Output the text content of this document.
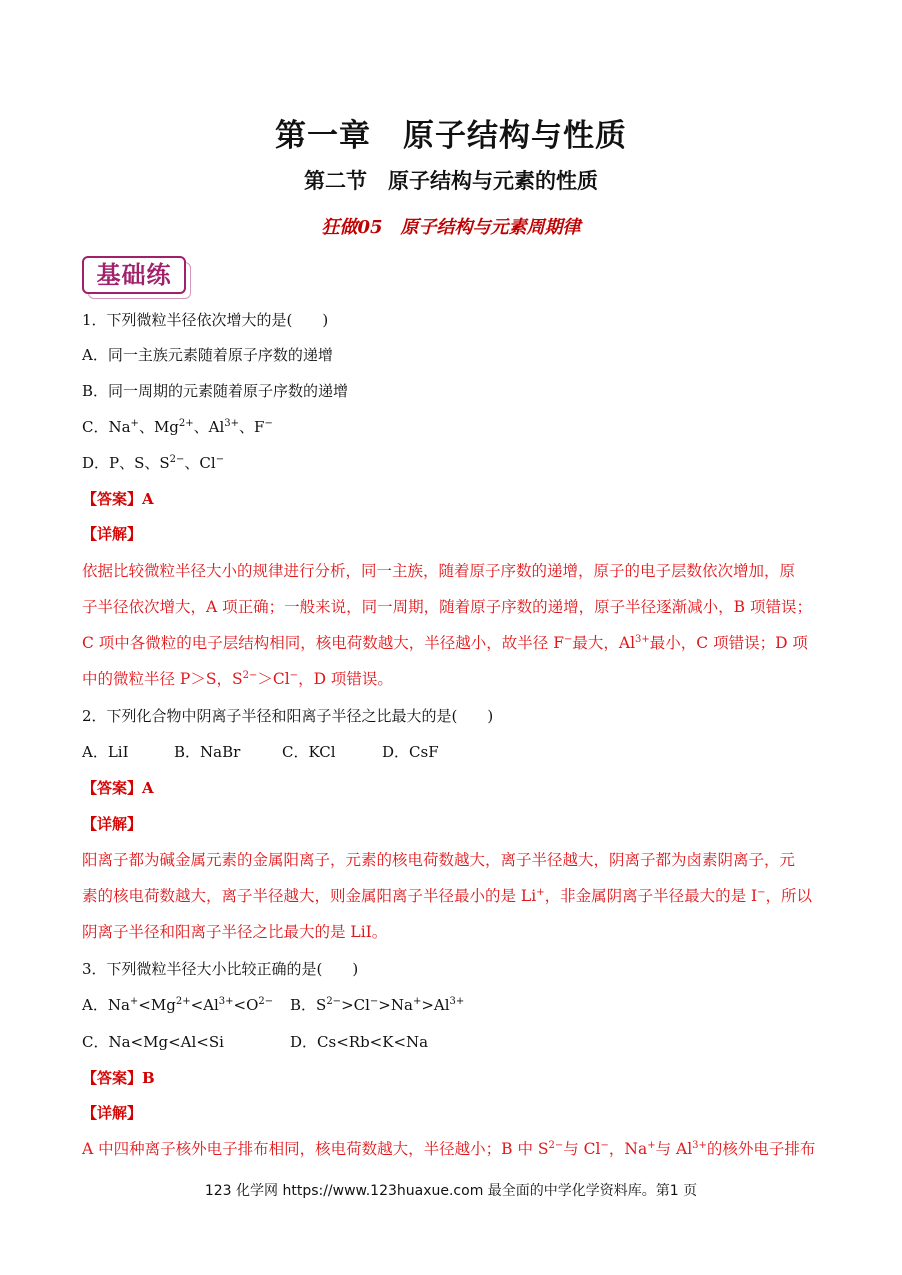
第一章　原子结构与性质
第二节　原子结构与元素的性质
狂做05　原子结构与元素周期律
基础练
1．下列微粒半径依次增大的是(　　)
A．同一主族元素随着原子序数的递增
B．同一周期的元素随着原子序数的递增
C．Na+、$Mg^{2+}$、$Al^{3+}$、F−
D．P、S、$S^{2-}$、Cl−
【答案】A
【详解】
依据比较微粒半径大小的规律进行分析，同一主族，随着原子序数的递增，原子的电子层数依次增加，原
子半径依次增大，A 项正确；一般来说，同一周期，随着原子序数的递增，原子半径逐渐减小，B 项错误；
C 项中各微粒的电子层结构相同，核电荷数越大，半径越小，故半径 F−最大，$Al^{3+}$最小，C 项错误；D 项
中的微粒半径 P＞S，$S^{2-}>Cl^-$，D 项错误。
2．下列化合物中阴离子半径和阳离子半径之比最大的是(　　)
A．LiI	B．NaBr	C．KCl	D．CsF
【答案】A
【详解】
阳离子都为碱金属元素的金属阳离子，元素的核电荷数越大，离子半径越大，阴离子都为卤素阴离子，元
素的核电荷数越大，离子半径越大，则金属阳离子半径最小的是 Li+，非金属阴离子半径最大的是 I−，所以
阴离子半径和阳离子半径之比最大的是 LiI。
3．下列微粒半径大小比较正确的是(　　)
A．$Na^+<Mg^{2+}<Al^{3+}<O^{2-}$ B．$S^{2-}>Cl^->Na^+>Al^{3+}$
C．Na<Mg<Al<Si	D．Cs<Rb<K<Na
【答案】B
【详解】
A 中四种离子核外电子排布相同，核电荷数越大，半径越小；B 中 $S^{2-}$与 Cl−，Na+与 $Al^{3+}$的核外电子排布
123 化学网 https://www.123huaxue.com 最全面的中学化学资料库。第1 页
